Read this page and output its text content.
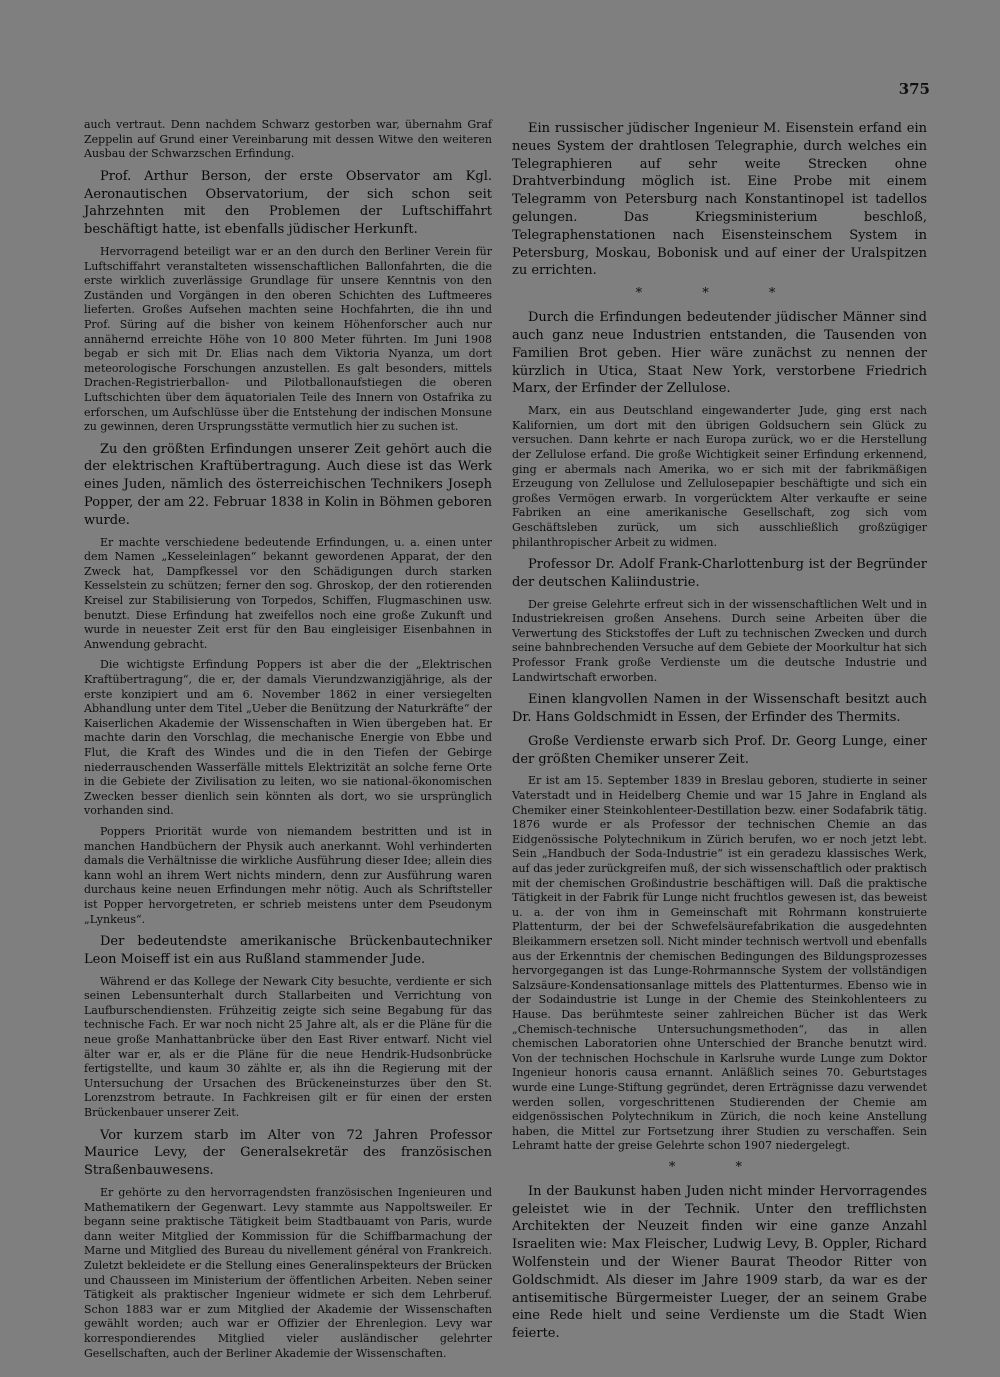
375

auch vertraut. Denn nachdem Schwarz gestorben war, übernahm Graf Zeppelin auf Grund einer Vereinbarung mit dessen Witwe den weiteren Ausbau der Schwarzschen Erfindung.

Prof. Arthur Berson, der erste Observator am Kgl. Aeronautischen Observatorium, der sich schon seit Jahrzehnten mit den Problemen der Luftschiffahrt beschäftigt hatte, ist ebenfalls jüdischer Herkunft.

Hervorragend beteiligt war er an den durch den Berliner Verein für Luftschiffahrt veranstalteten wissenschaftlichen Ballonfahrten, die die erste wirklich zuverlässige Grundlage für unsere Kenntnis von den Zuständen und Vorgängen in den oberen Schichten des Luftmeeres lieferten. Großes Aufsehen machten seine Hochfahrten, die ihn und Prof. Süring auf die bisher von keinem Höhenforscher auch nur annähernd erreichte Höhe von 10 800 Meter führten. Im Juni 1908 begab er sich mit Dr. Elias nach dem Viktoria Nyanza, um dort meteorologische Forschungen anzustellen. Es galt besonders, mittels Drachen-Registrierballon- und Pilotballonaufstiegen die oberen Luftschichten über dem äquatorialen Teile des Innern von Ostafrika zu erforschen, um Aufschlüsse über die Entstehung der indischen Monsune zu gewinnen, deren Ursprungsstätte vermutlich hier zu suchen ist.

Zu den größten Erfindungen unserer Zeit gehört auch die der elektrischen Kraftübertragung. Auch diese ist das Werk eines Juden, nämlich des österreichischen Technikers Joseph Popper, der am 22. Februar 1838 in Kolin in Böhmen geboren wurde.

Er machte verschiedene bedeutende Erfindungen, u. a. einen unter dem Namen „Kesseleinlagen“ bekannt gewordenen Apparat, der den Zweck hat, Dampfkessel vor den Schädigungen durch starken Kesselstein zu schützen; ferner den sog. Ghroskop, der den rotierenden Kreisel zur Stabilisierung von Torpedos, Schiffen, Flugmaschinen usw. benutzt. Diese Erfindung hat zweifellos noch eine große Zukunft und wurde in neuester Zeit erst für den Bau eingleisiger Eisenbahnen in Anwendung gebracht.

Die wichtigste Erfindung Poppers ist aber die der „Elektrischen Kraftübertragung“, die er, der damals Vierundzwanzigjährige, als der erste konzipiert und am 6. November 1862 in einer versiegelten Abhandlung unter dem Titel „Ueber die Benützung der Naturkräfte“ der Kaiserlichen Akademie der Wissenschaften in Wien übergeben hat. Er machte darin den Vorschlag, die mechanische Energie von Ebbe und Flut, die Kraft des Windes und die in den Tiefen der Gebirge niederrauschenden Wasserfälle mittels Elektrizität an solche ferne Orte in die Gebiete der Zivilisation zu leiten, wo sie national-ökonomischen Zwecken besser dienlich sein könnten als dort, wo sie ursprünglich vorhanden sind.

Poppers Priorität wurde von niemandem bestritten und ist in manchen Handbüchern der Physik auch anerkannt. Wohl verhinderten damals die Verhältnisse die wirkliche Ausführung dieser Idee; allein dies kann wohl an ihrem Wert nichts mindern, denn zur Ausführung waren durchaus keine neuen Erfindungen mehr nötig. Auch als Schriftsteller ist Popper hervorgetreten, er schrieb meistens unter dem Pseudonym „Lynkeus“.

Der bedeutendste amerikanische Brückenbautechniker Leon Moiseff ist ein aus Rußland stammender Jude.

Während er das Kollege der Newark City besuchte, verdiente er sich seinen Lebensunterhalt durch Stallarbeiten und Verrichtung von Laufburschendiensten. Frühzeitig zeigte sich seine Begabung für das technische Fach. Er war noch nicht 25 Jahre alt, als er die Pläne für die neue große Manhattanbrücke über den East River entwarf. Nicht viel älter war er, als er die Pläne für die neue Hendrik-Hudsonbrücke fertigstellte, und kaum 30 zählte er, als ihn die Regierung mit der Untersuchung der Ursachen des Brückeneinsturzes über den St. Lorenzstrom betraute. In Fachkreisen gilt er für einen der ersten Brückenbauer unserer Zeit.

Vor kurzem starb im Alter von 72 Jahren Professor Maurice Levy, der Generalsekretär des französischen Straßenbauwesens.

Er gehörte zu den hervorragendsten französischen Ingenieuren und Mathematikern der Gegenwart. Levy stammte aus Nappoltsweiler. Er begann seine praktische Tätigkeit beim Stadtbauamt von Paris, wurde dann weiter Mitglied der Kommission für die Schiffbarmachung der Marne und Mitglied des Bureau du nivellement général von Frankreich. Zuletzt bekleidete er die Stellung eines Generalinspekteurs der Brücken und Chausseen im Ministerium der öffentlichen Arbeiten. Neben seiner Tätigkeit als praktischer Ingenieur widmete er sich dem Lehrberuf. Schon 1883 war er zum Mitglied der Akademie der Wissenschaften gewählt worden; auch war er Offizier der Ehrenlegion. Levy war korrespondierendes Mitglied vieler ausländischer gelehrter Gesellschaften, auch der Berliner Akademie der Wissenschaften.

Ein russischer jüdischer Ingenieur M. Eisenstein erfand ein neues System der drahtlosen Telegraphie, durch welches ein Telegraphieren auf sehr weite Strecken ohne Drahtverbindung möglich ist. Eine Probe mit einem Telegramm von Petersburg nach Konstantinopel ist tadellos gelungen. Das Kriegsministerium beschloß, Telegraphenstationen nach Eisensteinschem System in Petersburg, Moskau, Bobonisk und auf einer der Uralspitzen zu errichten.

* * *

Durch die Erfindungen bedeutender jüdischer Männer sind auch ganz neue Industrien entstanden, die Tausenden von Familien Brot geben. Hier wäre zunächst zu nennen der kürzlich in Utica, Staat New York, verstorbene Friedrich Marx, der Erfinder der Zellulose.

Marx, ein aus Deutschland eingewanderter Jude, ging erst nach Kalifornien, um dort mit den übrigen Goldsuchern sein Glück zu versuchen. Dann kehrte er nach Europa zurück, wo er die Herstellung der Zellulose erfand. Die große Wichtigkeit seiner Erfindung erkennend, ging er abermals nach Amerika, wo er sich mit der fabrikmäßigen Erzeugung von Zellulose und Zellulosepapier beschäftigte und sich ein großes Vermögen erwarb. In vorgerücktem Alter verkaufte er seine Fabriken an eine amerikanische Gesellschaft, zog sich vom Geschäftsleben zurück, um sich ausschließlich großzügiger philanthropischer Arbeit zu widmen.

Professor Dr. Adolf Frank-Charlottenburg ist der Begründer der deutschen Kaliindustrie.

Der greise Gelehrte erfreut sich in der wissenschaftlichen Welt und in Industriekreisen großen Ansehens. Durch seine Arbeiten über die Verwertung des Stickstoffes der Luft zu technischen Zwecken und durch seine bahnbrechenden Versuche auf dem Gebiete der Moorkultur hat sich Professor Frank große Verdienste um die deutsche Industrie und Landwirtschaft erworben.

Einen klangvollen Namen in der Wissenschaft besitzt auch Dr. Hans Goldschmidt in Essen, der Erfinder des Thermits.

Große Verdienste erwarb sich Prof. Dr. Georg Lunge, einer der größten Chemiker unserer Zeit.

Er ist am 15. September 1839 in Breslau geboren, studierte in seiner Vaterstadt und in Heidelberg Chemie und war 15 Jahre in England als Chemiker einer Steinkohlenteer-Destillation bezw. einer Sodafabrik tätig. 1876 wurde er als Professor der technischen Chemie an das Eidgenössische Polytechnikum in Zürich berufen, wo er noch jetzt lebt. Sein „Handbuch der Soda-Industrie“ ist ein geradezu klassisches Werk, auf das jeder zurückgreifen muß, der sich wissenschaftlich oder praktisch mit der chemischen Großindustrie beschäftigen will. Daß die praktische Tätigkeit in der Fabrik für Lunge nicht fruchtlos gewesen ist, das beweist u. a. der von ihm in Gemeinschaft mit Rohrmann konstruierte Plattenturm, der bei der Schwefelsäurefabrikation die ausgedehnten Bleikammern ersetzen soll. Nicht minder technisch wertvoll und ebenfalls aus der Erkenntnis der chemischen Bedingungen des Bildungsprozesses hervorgegangen ist das Lunge-Rohrmannsche System der vollständigen Salzsäure-Kondensationsanlage mittels des Plattenturmes. Ebenso wie in der Sodaindustrie ist Lunge in der Chemie des Steinkohlenteers zu Hause. Das berühmteste seiner zahlreichen Bücher ist das Werk „Chemisch-technische Untersuchungsmethoden“, das in allen chemischen Laboratorien ohne Unterschied der Branche benutzt wird. Von der technischen Hochschule in Karlsruhe wurde Lunge zum Doktor Ingenieur honoris causa ernannt. Anläßlich seines 70. Geburtstages wurde eine Lunge-Stiftung gegründet, deren Erträgnisse dazu verwendet werden sollen, vorgeschrittenen Studierenden der Chemie am eidgenössischen Polytechnikum in Zürich, die noch keine Anstellung haben, die Mittel zur Fortsetzung ihrer Studien zu verschaffen. Sein Lehramt hatte der greise Gelehrte schon 1907 niedergelegt.

* *

In der Baukunst haben Juden nicht minder Hervorragendes geleistet wie in der Technik. Unter den trefflichsten Architekten der Neuzeit finden wir eine ganze Anzahl Israeliten wie: Max Fleischer, Ludwig Levy, B. Oppler, Richard Wolfenstein und der Wiener Baurat Theodor Ritter von Goldschmidt. Als dieser im Jahre 1909 starb, da war es der antisemitische Bürgermeister Lueger, der an seinem Grabe eine Rede hielt und seine Verdienste um die Stadt Wien feierte.
